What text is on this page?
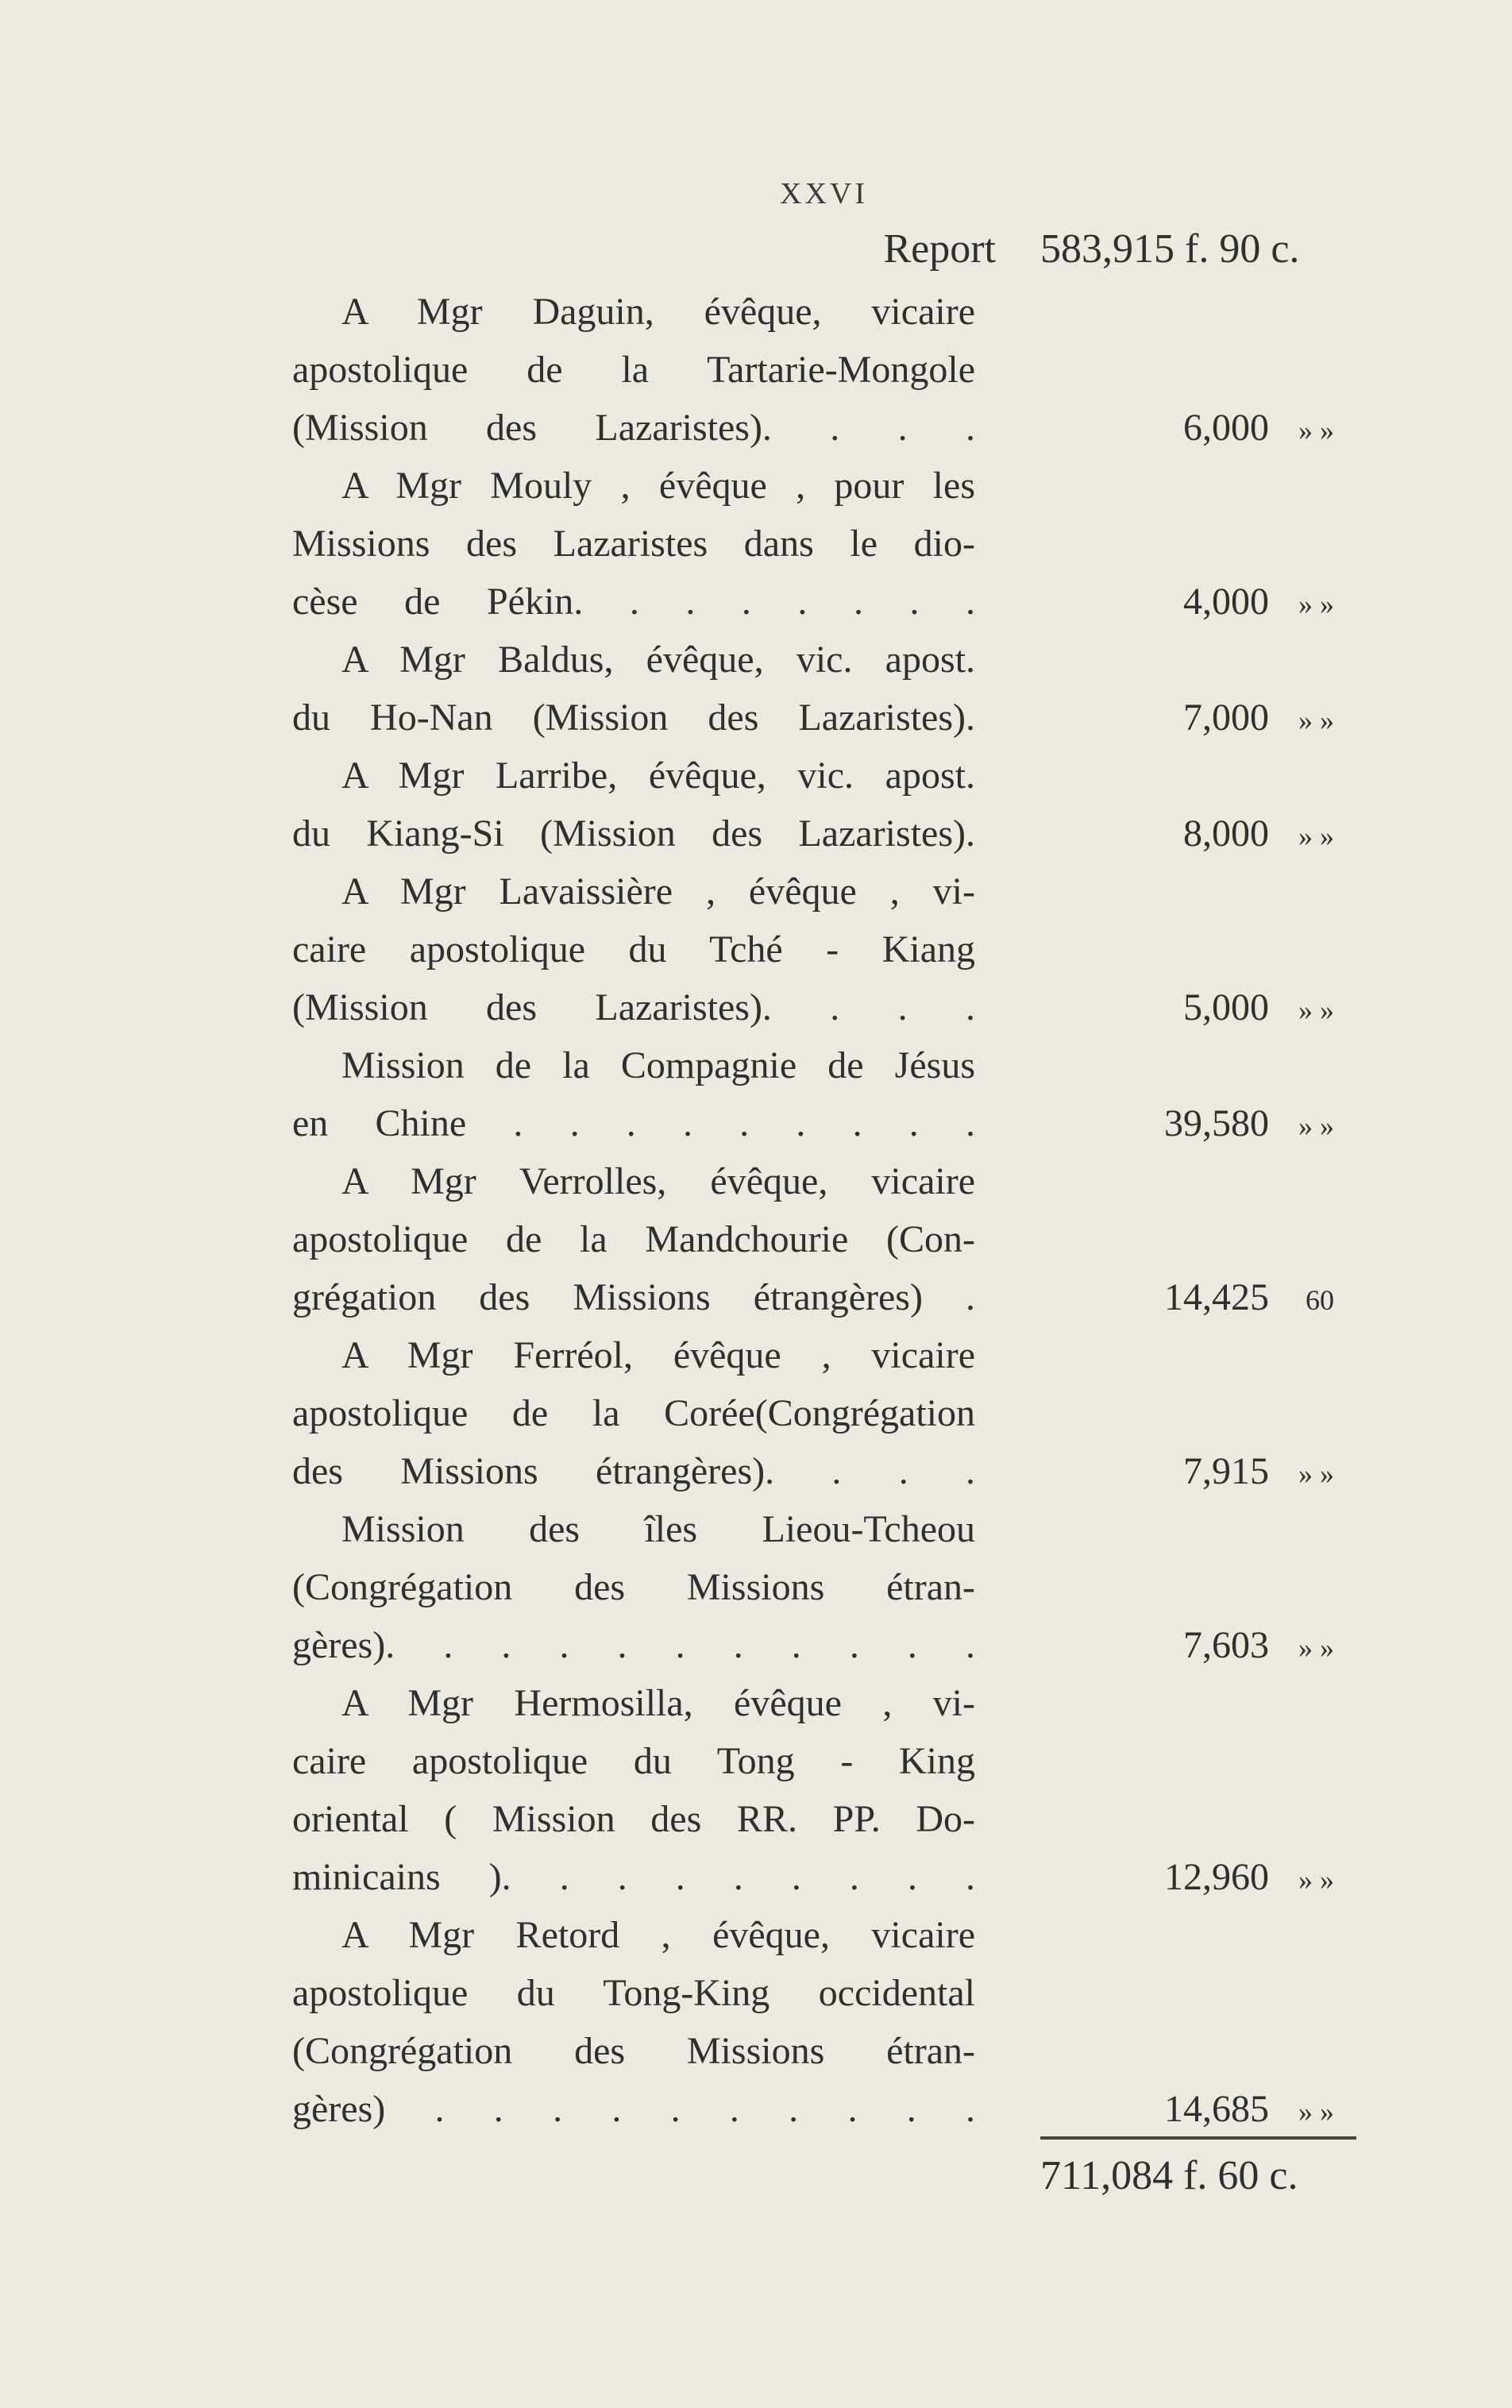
XXVI
Report 583,915 f. 90 c.
A Mgr Daguin, évêque, vicaire
apostolique de la Tartarie-Mongole
(Mission des Lazaristes). . . .	6,000 » »
A Mgr Mouly , évêque , pour les
Missions des Lazaristes dans le dio-
cèse de Pékin. . . . . . . .	4,000 » »
A Mgr Baldus, évêque, vic. apost.
du Ho-Nan (Mission des Lazaristes).	7,000 » »
A Mgr Larribe, évêque, vic. apost.
du Kiang-Si (Mission des Lazaristes).	8,000 » »
A Mgr Lavaissière , évêque , vi-
caire apostolique du Tché - Kiang
(Mission des Lazaristes). . . .	5,000 » »
Mission de la Compagnie de Jésus
en Chine . . . . . . . . .	39,580 » »
A Mgr Verrolles, évêque, vicaire
apostolique de la Mandchourie (Con-
grégation des Missions étrangères) .	14,425 60
A Mgr Ferréol, évêque , vicaire
apostolique de la Corée(Congrégation
des Missions étrangères). . . .	7,915 » »
Mission des îles Lieou-Tcheou
(Congrégation des Missions étran-
gères). . . . . . . . . . .	7,603 » »
A Mgr Hermosilla, évêque , vi-
caire apostolique du Tong - King
oriental ( Mission des RR. PP. Do-
minicains ). . . . . . . . .	12,960 » »
A Mgr Retord , évêque, vicaire
apostolique du Tong-King occidental
(Congrégation des Missions étran-
gères) . . . . . . . . . .	14,685 » »
711,084 f. 60 c.
